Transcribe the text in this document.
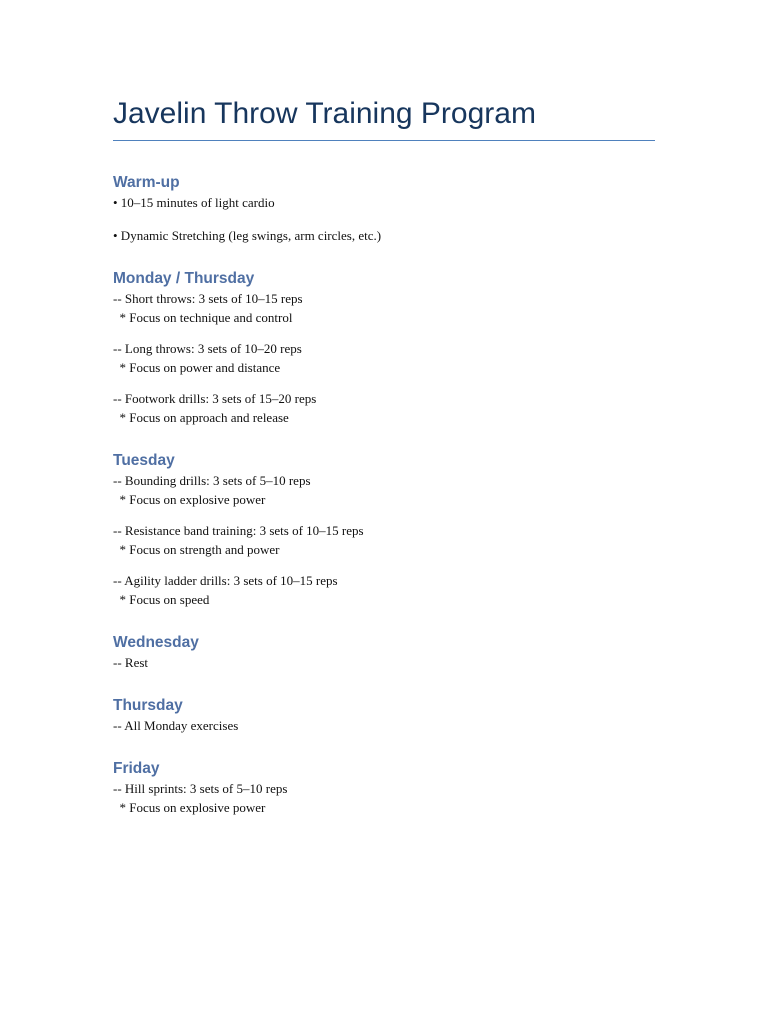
Javelin Throw Training Program
Warm-up
• 10–15 minutes of light cardio
• Dynamic Stretching (leg swings, arm circles, etc.)
Monday / Thursday
-- Short throws: 3 sets of 10–15 reps
* Focus on technique and control
-- Long throws: 3 sets of 10–20 reps
* Focus on power and distance
-- Footwork drills: 3 sets of 15–20 reps
* Focus on approach and release
Tuesday
-- Bounding drills: 3 sets of 5–10 reps
* Focus on explosive power
-- Resistance band training: 3 sets of 10–15 reps
* Focus on strength and power
-- Agility ladder drills: 3 sets of 10–15 reps
* Focus on speed
Wednesday
-- Rest
Thursday
-- All Monday exercises
Friday
-- Hill sprints: 3 sets of 5–10 reps
* Focus on explosive power
